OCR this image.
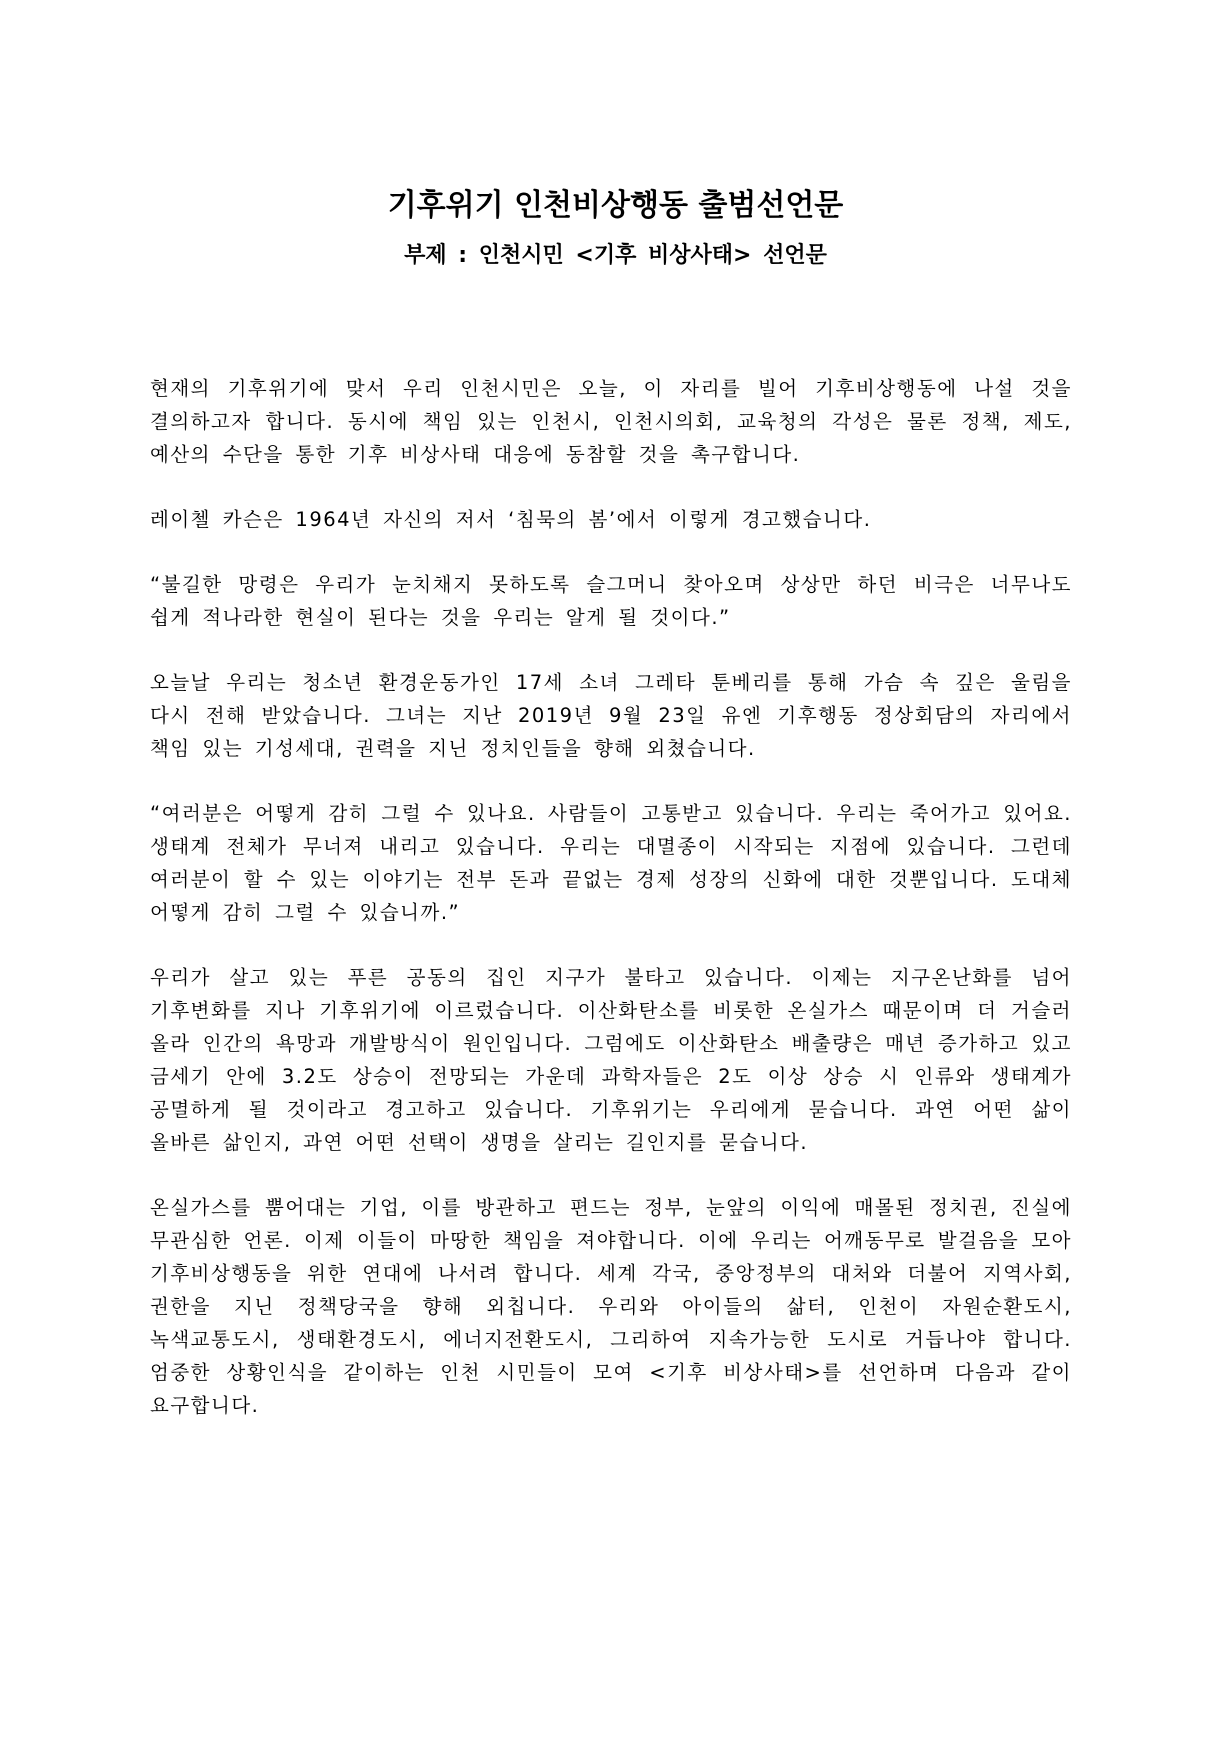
기후위기 인천비상행동 출범선언문
부제 : 인천시민 <기후 비상사태> 선언문

현재의 기후위기에 맞서 우리 인천시민은 오늘, 이 자리를 빌어 기후비상행동에 나설 것을 결의하고자 합니다. 동시에 책임 있는 인천시, 인천시의회, 교육청의 각성은 물론 정책, 제도, 예산의 수단을 통한 기후 비상사태 대응에 동참할 것을 촉구합니다.

레이첼 카슨은 1964년 자신의 저서 ‘침묵의 봄’에서 이렇게 경고했습니다.

“불길한 망령은 우리가 눈치채지 못하도록 슬그머니 찾아오며 상상만 하던 비극은 너무나도 쉽게 적나라한 현실이 된다는 것을 우리는 알게 될 것이다.”

오늘날 우리는 청소년 환경운동가인 17세 소녀 그레타 툰베리를 통해 가슴 속 깊은 울림을 다시 전해 받았습니다. 그녀는 지난 2019년 9월 23일 유엔 기후행동 정상회담의 자리에서 책임 있는 기성세대, 권력을 지닌 정치인들을 향해 외쳤습니다.

“여러분은 어떻게 감히 그럴 수 있나요. 사람들이 고통받고 있습니다. 우리는 죽어가고 있어요. 생태계 전체가 무너져 내리고 있습니다. 우리는 대멸종이 시작되는 지점에 있습니다. 그런데 여러분이 할 수 있는 이야기는 전부 돈과 끝없는 경제 성장의 신화에 대한 것뿐입니다. 도대체 어떻게 감히 그럴 수 있습니까.”

우리가 살고 있는 푸른 공동의 집인 지구가 불타고 있습니다. 이제는 지구온난화를 넘어 기후변화를 지나 기후위기에 이르렀습니다. 이산화탄소를 비롯한 온실가스 때문이며 더 거슬러 올라 인간의 욕망과 개발방식이 원인입니다. 그럼에도 이산화탄소 배출량은 매년 증가하고 있고 금세기 안에 3.2도 상승이 전망되는 가운데 과학자들은 2도 이상 상승 시 인류와 생태계가 공멸하게 될 것이라고 경고하고 있습니다. 기후위기는 우리에게 묻습니다. 과연 어떤 삶이 올바른 삶인지, 과연 어떤 선택이 생명을 살리는 길인지를 묻습니다.

온실가스를 뿜어대는 기업, 이를 방관하고 편드는 정부, 눈앞의 이익에 매몰된 정치권, 진실에 무관심한 언론. 이제 이들이 마땅한 책임을 져야합니다. 이에 우리는 어깨동무로 발걸음을 모아 기후비상행동을 위한 연대에 나서려 합니다. 세계 각국, 중앙정부의 대처와 더불어 지역사회, 권한을 지닌 정책당국을 향해 외칩니다. 우리와 아이들의 삶터, 인천이 자원순환도시, 녹색교통도시, 생태환경도시, 에너지전환도시, 그리하여 지속가능한 도시로 거듭나야 합니다. 엄중한 상황인식을 같이하는 인천 시민들이 모여 <기후 비상사태>를 선언하며 다음과 같이 요구합니다.
